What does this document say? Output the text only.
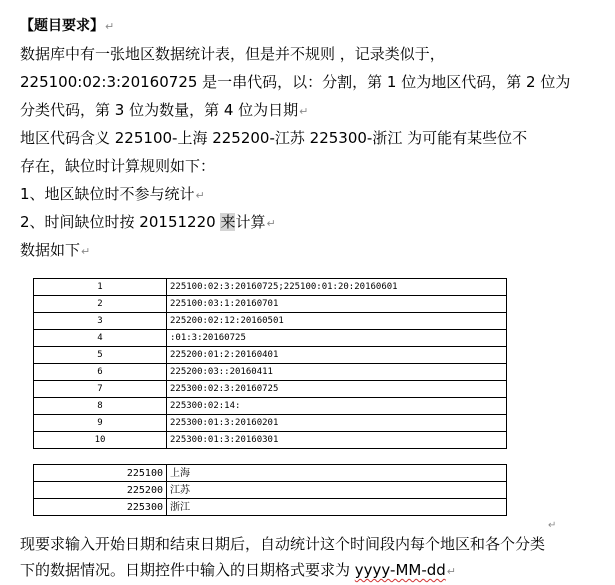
【题目要求】↵
数据库中有一张地区数据统计表，但是并不规则 ，记录类似于，
225100:02:3:20160725 是一串代码，以：分割，第 1 位为地区代码，第 2 位为
分类代码，第 3 位为数量，第 4 位为日期↵
地区代码含义 225100-上海 225200-江苏 225300-浙江 为可能有某些位不
存在，缺位时计算规则如下：
1、地区缺位时不参与统计↵
2、时间缺位时按 20151220 来计算↵
数据如下↵
1	225100:02:3:20160725;225100:01:20:20160601
2	225100:03:1:20160701
3	225200:02:12:20160501
4	:01:3:20160725
5	225200:01:2:20160401
6	225200:03::20160411
7	225300:02:3:20160725
8	225300:02:14:
9	225300:01:3:20160201
10	225300:01:3:20160301
225100	上海
225200	江苏
225300	浙江
↵
现要求输入开始日期和结束日期后，自动统计这个时间段内每个地区和各个分类
下的数据情况。日期控件中输入的日期格式要求为 yyyy-MM-dd↵
